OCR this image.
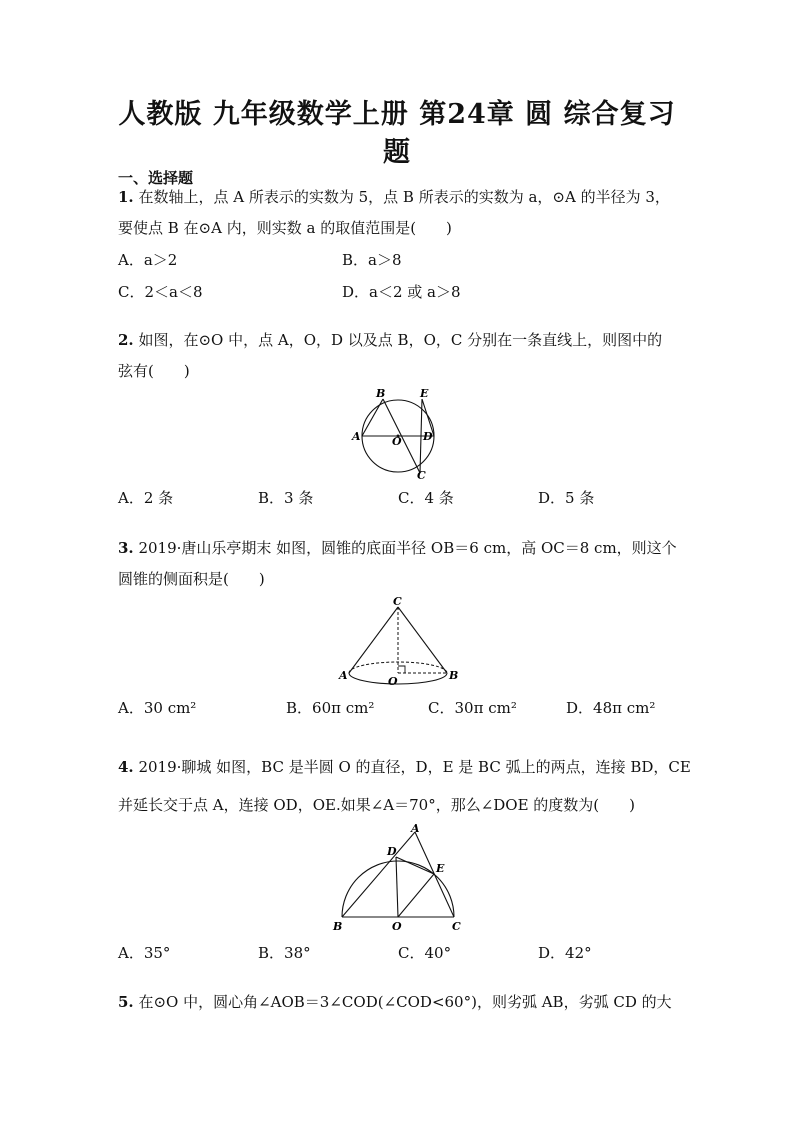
人教版 九年级数学上册 第24章 圆 综合复习
题
一、选择题
1. 在数轴上，点 A 所表示的实数为 5，点 B 所表示的实数为 a，⊙A 的半径为 3，
要使点 B 在⊙A 内，则实数 a 的取值范围是(　　)
A．a＞2	B．a＞8
C．2＜a＜8	D．a＜2 或 a＞8
2. 如图，在⊙O 中，点 A，O，D 以及点 B，O，C 分别在一条直线上，则图中的
弦有(　　)
B	E
A	O D
C
A．2 条	B．3 条	C．4 条	D．5 条
3. 2019·唐山乐亭期末 如图，圆锥的底面半径 OB＝6 cm，高 OC＝8 cm，则这个
圆锥的侧面积是(　　)
C
A	O	B
A．30 cm²	B．60π cm²	C．30π cm²	D．48π cm²
4. 2019·聊城 如图，BC 是半圆 O 的直径，D，E 是 BC 弧上的两点，连接 BD，CE
并延长交于点 A，连接 OD，OE.如果∠A＝70°，那么∠DOE 的度数为(　　)
A
D
E
B	O	C
A．35°	B．38°	C．40°	D．42°
5. 在⊙O 中，圆心角∠AOB＝3∠COD(∠COD<60°)，则劣弧 AB，劣弧 CD 的大
